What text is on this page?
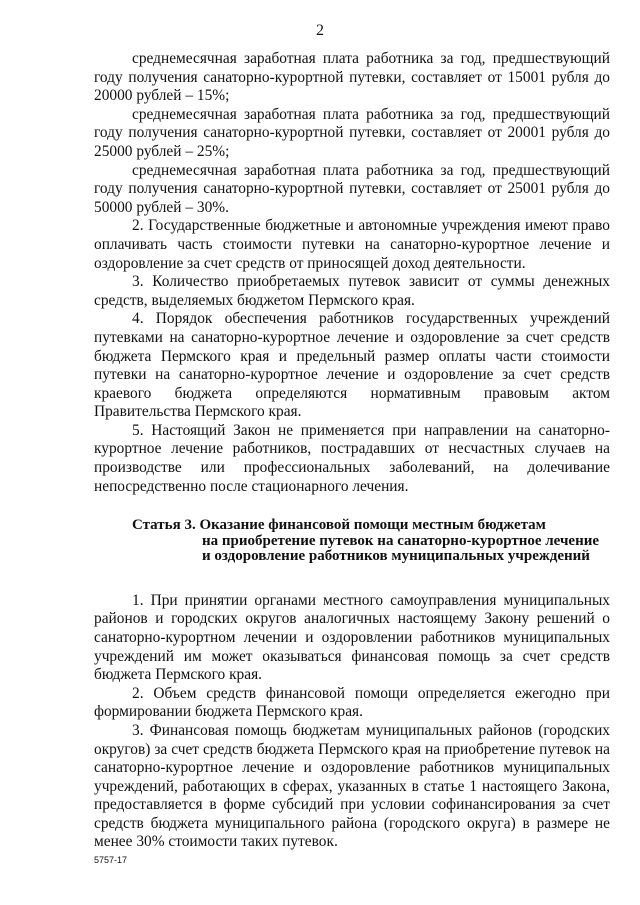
2

среднемесячная заработная плата работника за год, предшествующий году получения санаторно-курортной путевки, составляет от 15001 рубля до 20000 рублей – 15%;

среднемесячная заработная плата работника за год, предшествующий году получения санаторно-курортной путевки, составляет от 20001 рубля до 25000 рублей – 25%;

среднемесячная заработная плата работника за год, предшествующий году получения санаторно-курортной путевки, составляет от 25001 рубля до 50000 рублей – 30%.

2. Государственные бюджетные и автономные учреждения имеют право оплачивать часть стоимости путевки на санаторно-курортное лечение и оздоровление за счет средств от приносящей доход деятельности.

3. Количество приобретаемых путевок зависит от суммы денежных средств, выделяемых бюджетом Пермского края.

4. Порядок обеспечения работников государственных учреждений путевками на санаторно-курортное лечение и оздоровление за счет средств бюджета Пермского края и предельный размер оплаты части стоимости путевки на санаторно-курортное лечение и оздоровление за счет средств краевого бюджета определяются нормативным правовым актом Правительства Пермского края.

5. Настоящий Закон не применяется при направлении на санаторно-курортное лечение работников, пострадавших от несчастных случаев на производстве или профессиональных заболеваний, на долечивание непосредственно после стационарного лечения.

Статья 3. Оказание финансовой помощи местным бюджетам
на приобретение путевок на санаторно-курортное лечение
и оздоровление работников муниципальных учреждений

1. При принятии органами местного самоуправления муниципальных районов и городских округов аналогичных настоящему Закону решений о санаторно-курортном лечении и оздоровлении работников муниципальных учреждений им может оказываться финансовая помощь за счет средств бюджета Пермского края.

2. Объем средств финансовой помощи определяется ежегодно при формировании бюджета Пермского края.

3. Финансовая помощь бюджетам муниципальных районов (городских округов) за счет средств бюджета Пермского края на приобретение путевок на санаторно-курортное лечение и оздоровление работников муниципальных учреждений, работающих в сферах, указанных в статье 1 настоящего Закона, предоставляется в форме субсидий при условии софинансирования за счет средств бюджета муниципального района (городского округа) в размере не менее 30% стоимости таких путевок.

5757-17
